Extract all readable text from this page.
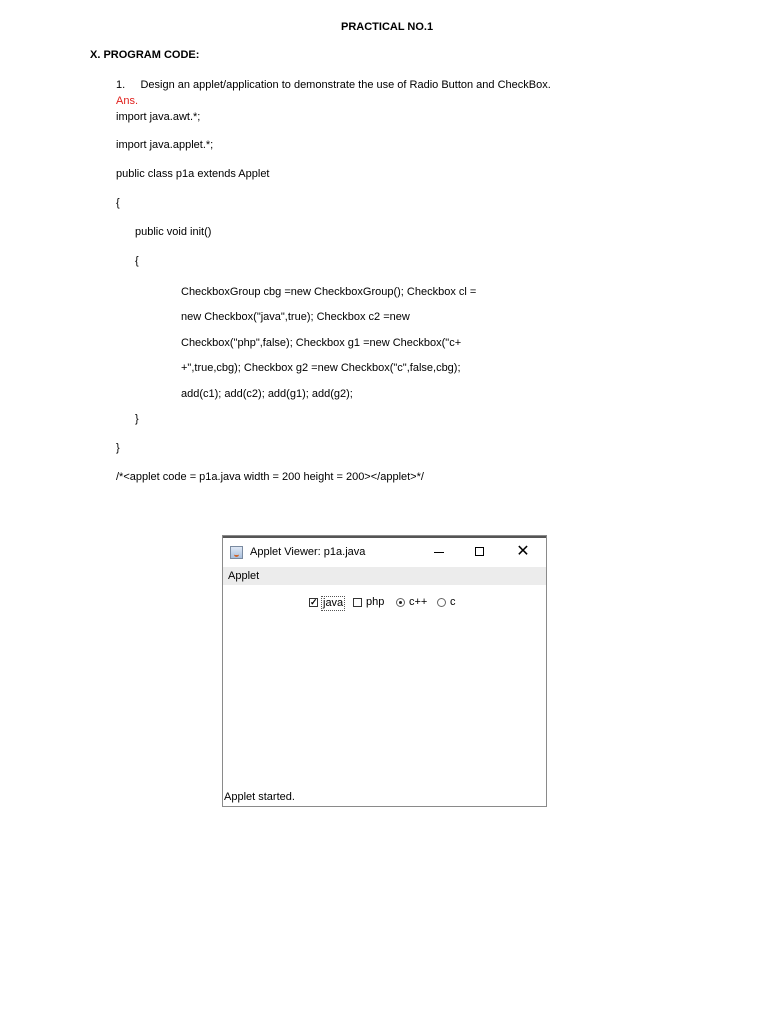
PRACTICAL NO.1
X. PROGRAM CODE:
1.     Design an applet/application to demonstrate the use of Radio Button and CheckBox.
Ans.
import java.awt.*;
import java.applet.*;
public class p1a extends Applet
{
public void init()
{
CheckboxGroup cbg =new CheckboxGroup(); Checkbox cl =
new Checkbox("java",true); Checkbox c2 =new
Checkbox("php",false); Checkbox g1 =new Checkbox("c+
+",true,cbg); Checkbox g2 =new Checkbox("c",false,cbg);
add(c1); add(c2); add(g1); add(g2);
}
}
/*<applet code = p1a.java width = 200 height = 200></applet>*/
Applet Viewer: p1a.java	✕
Applet
✓ java php c++ c
Applet started.
